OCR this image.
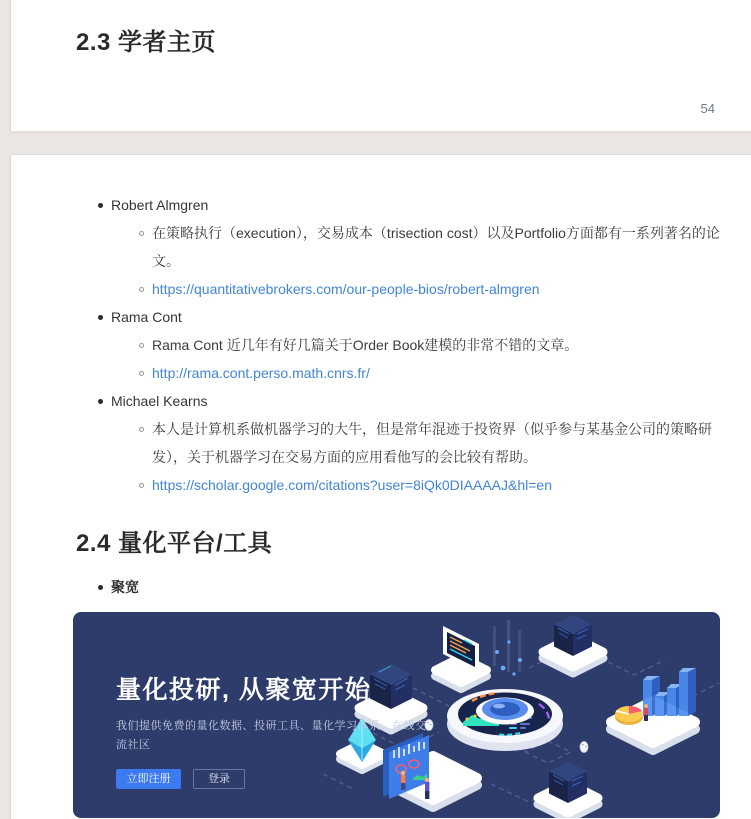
2.3 学者主页
54
Robert Almgren
在策略执行（execution），交易成本（trisection cost）以及Portfolio方面都有一系列著名的论文。
https://quantitativebrokers.com/our-people-bios/robert-almgren
Rama Cont
Rama Cont 近几年有好几篇关于Order Book建模的非常不错的文章。
http://rama.cont.perso.math.cnrs.fr/
Michael Kearns
本人是计算机系做机器学习的大牛，但是常年混迹于投资界（似乎参与某基金公司的策略研发），关于机器学习在交易方面的应用看他写的会比较有帮助。
https://scholar.google.com/citations?user=8iQk0DIAAAAJ&hl=en
2.4 量化平台/工具
聚宽
量化投研, 从聚宽开始
我们提供免费的量化数据、投研工具、量化学习体系、在线交流社区
立即注册	登录
